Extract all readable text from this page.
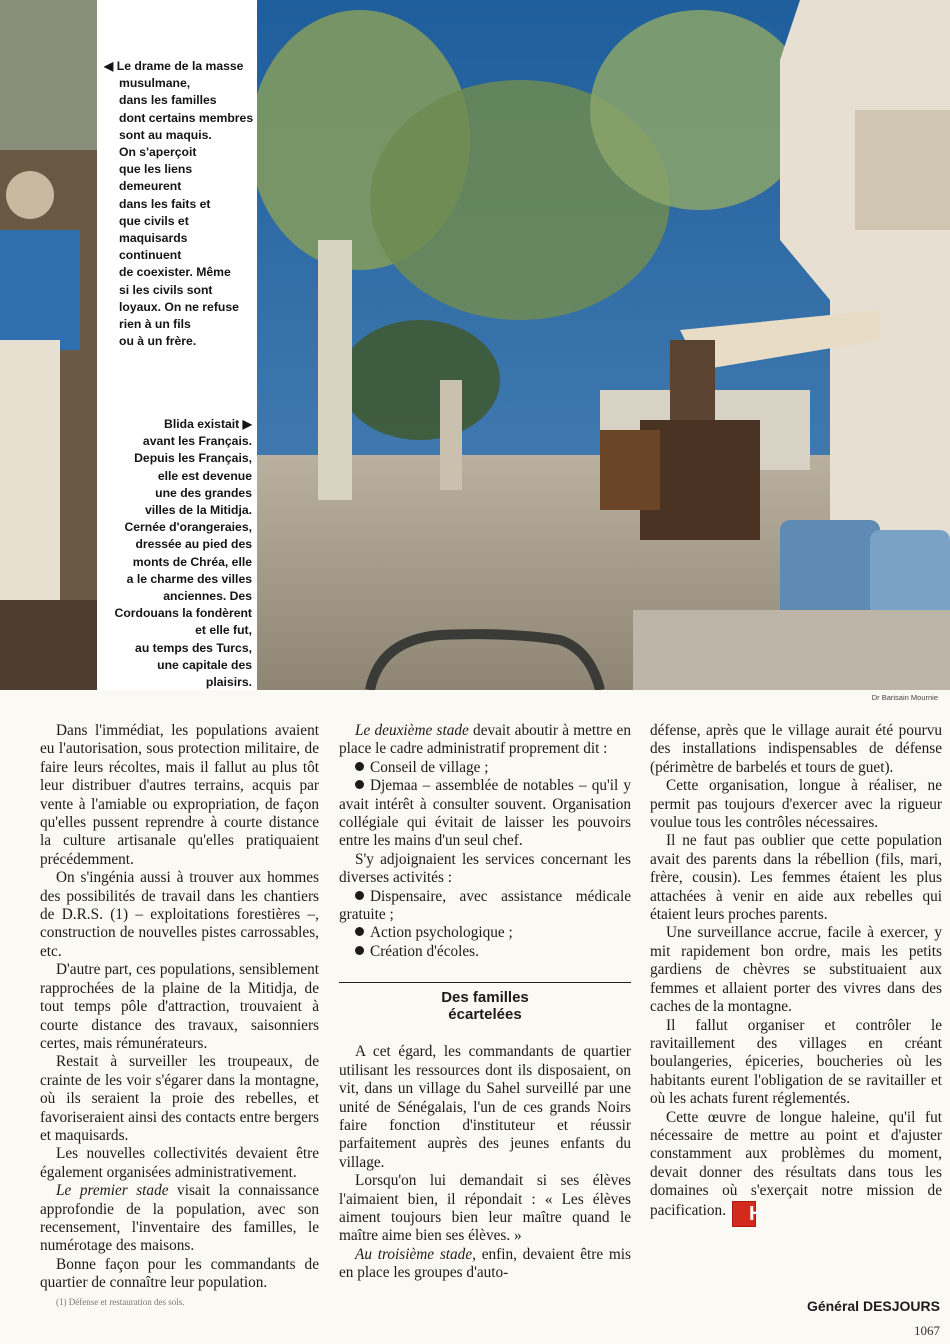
◀ Le drame de la masse
musulmane,
dans les familles
dont certains membres
sont au maquis.
On s'aperçoit
que les liens
demeurent
dans les faits et
que civils et maquisards
continuent
de coexister. Même
si les civils sont
loyaux. On ne refuse
rien à un fils
ou à un frère.
Blida existait ▶
avant les Français.
Depuis les Français,
elle est devenue
une des grandes
villes de la Mitidja.
Cernée d'orangeraies,
dressée au pied des
monts de Chréa, elle
a le charme des villes
anciennes. Des
Cordouans la fondèrent
et elle fut,
au temps des Turcs,
une capitale des
plaisirs.
Dr Barisain Mournie

Dans l'immédiat, les populations avaient eu l'autorisation, sous protection militaire, de faire leurs récoltes, mais il fallut au plus tôt leur distribuer d'autres terrains, acquis par vente à l'amiable ou expropriation, de façon qu'elles pussent reprendre à courte distance la culture artisanale qu'elles pratiquaient précédemment.

On s'ingénia aussi à trouver aux hommes des possibilités de travail dans les chantiers de D.R.S. (1) – exploitations forestières –, construction de nouvelles pistes carrossables, etc.

D'autre part, ces populations, sensiblement rapprochées de la plaine de la Mitidja, de tout temps pôle d'attraction, trouvaient à courte distance des travaux, saisonniers certes, mais rémunérateurs.

Restait à surveiller les troupeaux, de crainte de les voir s'égarer dans la montagne, où ils seraient la proie des rebelles, et favoriseraient ainsi des contacts entre bergers et maquisards.

Les nouvelles collectivités devaient être également organisées administrativement.

Le premier stade visait la connaissance approfondie de la population, avec son recensement, l'inventaire des familles, le numérotage des maisons.

Bonne façon pour les commandants de quartier de connaître leur population.

(1) Défense et restauration des sols.

Le deuxième stade devait aboutir à mettre en place le cadre administratif proprement dit :

Conseil de village ;

Djemaa – assemblée de notables – qu'il y avait intérêt à consulter souvent. Organisation collégiale qui évitait de laisser les pouvoirs entre les mains d'un seul chef.

S'y adjoignaient les services concernant les diverses activités :

Dispensaire, avec assistance médicale gratuite ;

Action psychologique ;

Création d'écoles.

Des familles
écartelées

A cet égard, les commandants de quartier utilisant les ressources dont ils disposaient, on vit, dans un village du Sahel surveillé par une unité de Sénégalais, l'un de ces grands Noirs faire fonction d'instituteur et réussir parfaitement auprès des jeunes enfants du village.

Lorsqu'on lui demandait si ses élèves l'aimaient bien, il répondait : « Les élèves aiment toujours bien leur maître quand le maître aime bien ses élèves. »

Au troisième stade, enfin, devaient être mis en place les groupes d'auto-

défense, après que le village aurait été pourvu des installations indispensables de défense (périmètre de barbelés et tours de guet).

Cette organisation, longue à réaliser, ne permit pas toujours d'exercer avec la rigueur voulue tous les contrôles nécessaires.

Il ne faut pas oublier que cette population avait des parents dans la rébellion (fils, mari, frère, cousin). Les femmes étaient les plus attachées à venir en aide aux rebelles qui étaient leurs proches parents.

Une surveillance accrue, facile à exercer, y mit rapidement bon ordre, mais les petits gardiens de chèvres se substituaient aux femmes et allaient porter des vivres dans des caches de la montagne.

Il fallut organiser et contrôler le ravitaillement des villages en créant boulangeries, épiceries, boucheries où les habitants eurent l'obligation de se ravitailler et où les achats furent réglementés.

Cette œuvre de longue haleine, qu'il fut nécessaire de mettre au point et d'ajuster constamment aux problèmes du moment, devait donner des résultats dans tous les domaines où s'exerçait notre mission de pacification. H

Général DESJOURS
1067
